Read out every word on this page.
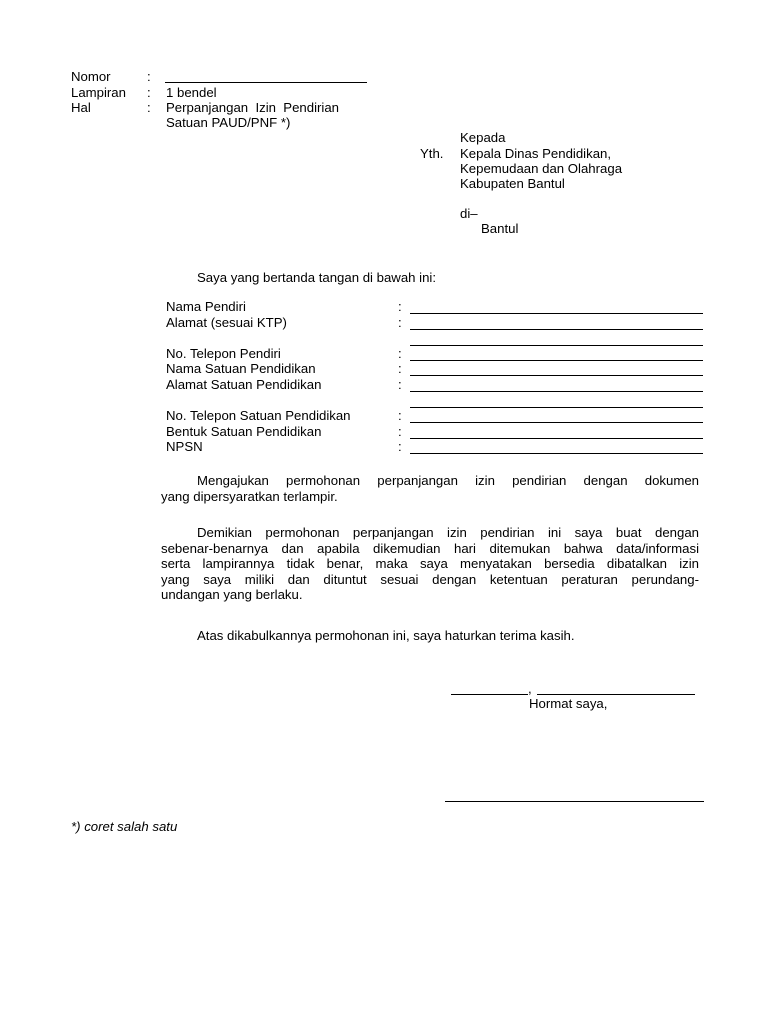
Nomor	:
Lampiran : 1 bendel
Hal	: Perpanjangan  Izin  Pendirian
Satuan PAUD/PNF *)
Kepada
Yth. Kepala Dinas Pendidikan,
Kepemudaan dan Olahraga
Kabupaten Bantul
di–
Bantul
Saya yang bertanda tangan di bawah ini:
Nama Pendiri	:
Alamat (sesuai KTP)	:
No. Telepon Pendiri	:
Nama Satuan Pendidikan	:
Alamat Satuan Pendidikan	:
No. Telepon Satuan Pendidikan	:
Bentuk Satuan Pendidikan	:
NPSN	:
Mengajukan permohonan perpanjangan izin pendirian dengan dokumen
yang dipersyaratkan terlampir.
Demikian permohonan perpanjangan izin pendirian ini saya buat dengan
sebenar-benarnya dan apabila dikemudian hari ditemukan bahwa data/informasi
serta lampirannya tidak benar, maka saya menyatakan bersedia dibatalkan izin
yang saya miliki dan dituntut sesuai dengan ketentuan peraturan perundang-
undangan yang berlaku.
Atas dikabulkannya permohonan ini, saya haturkan terima kasih.
,
Hormat saya,
*) coret salah satu
